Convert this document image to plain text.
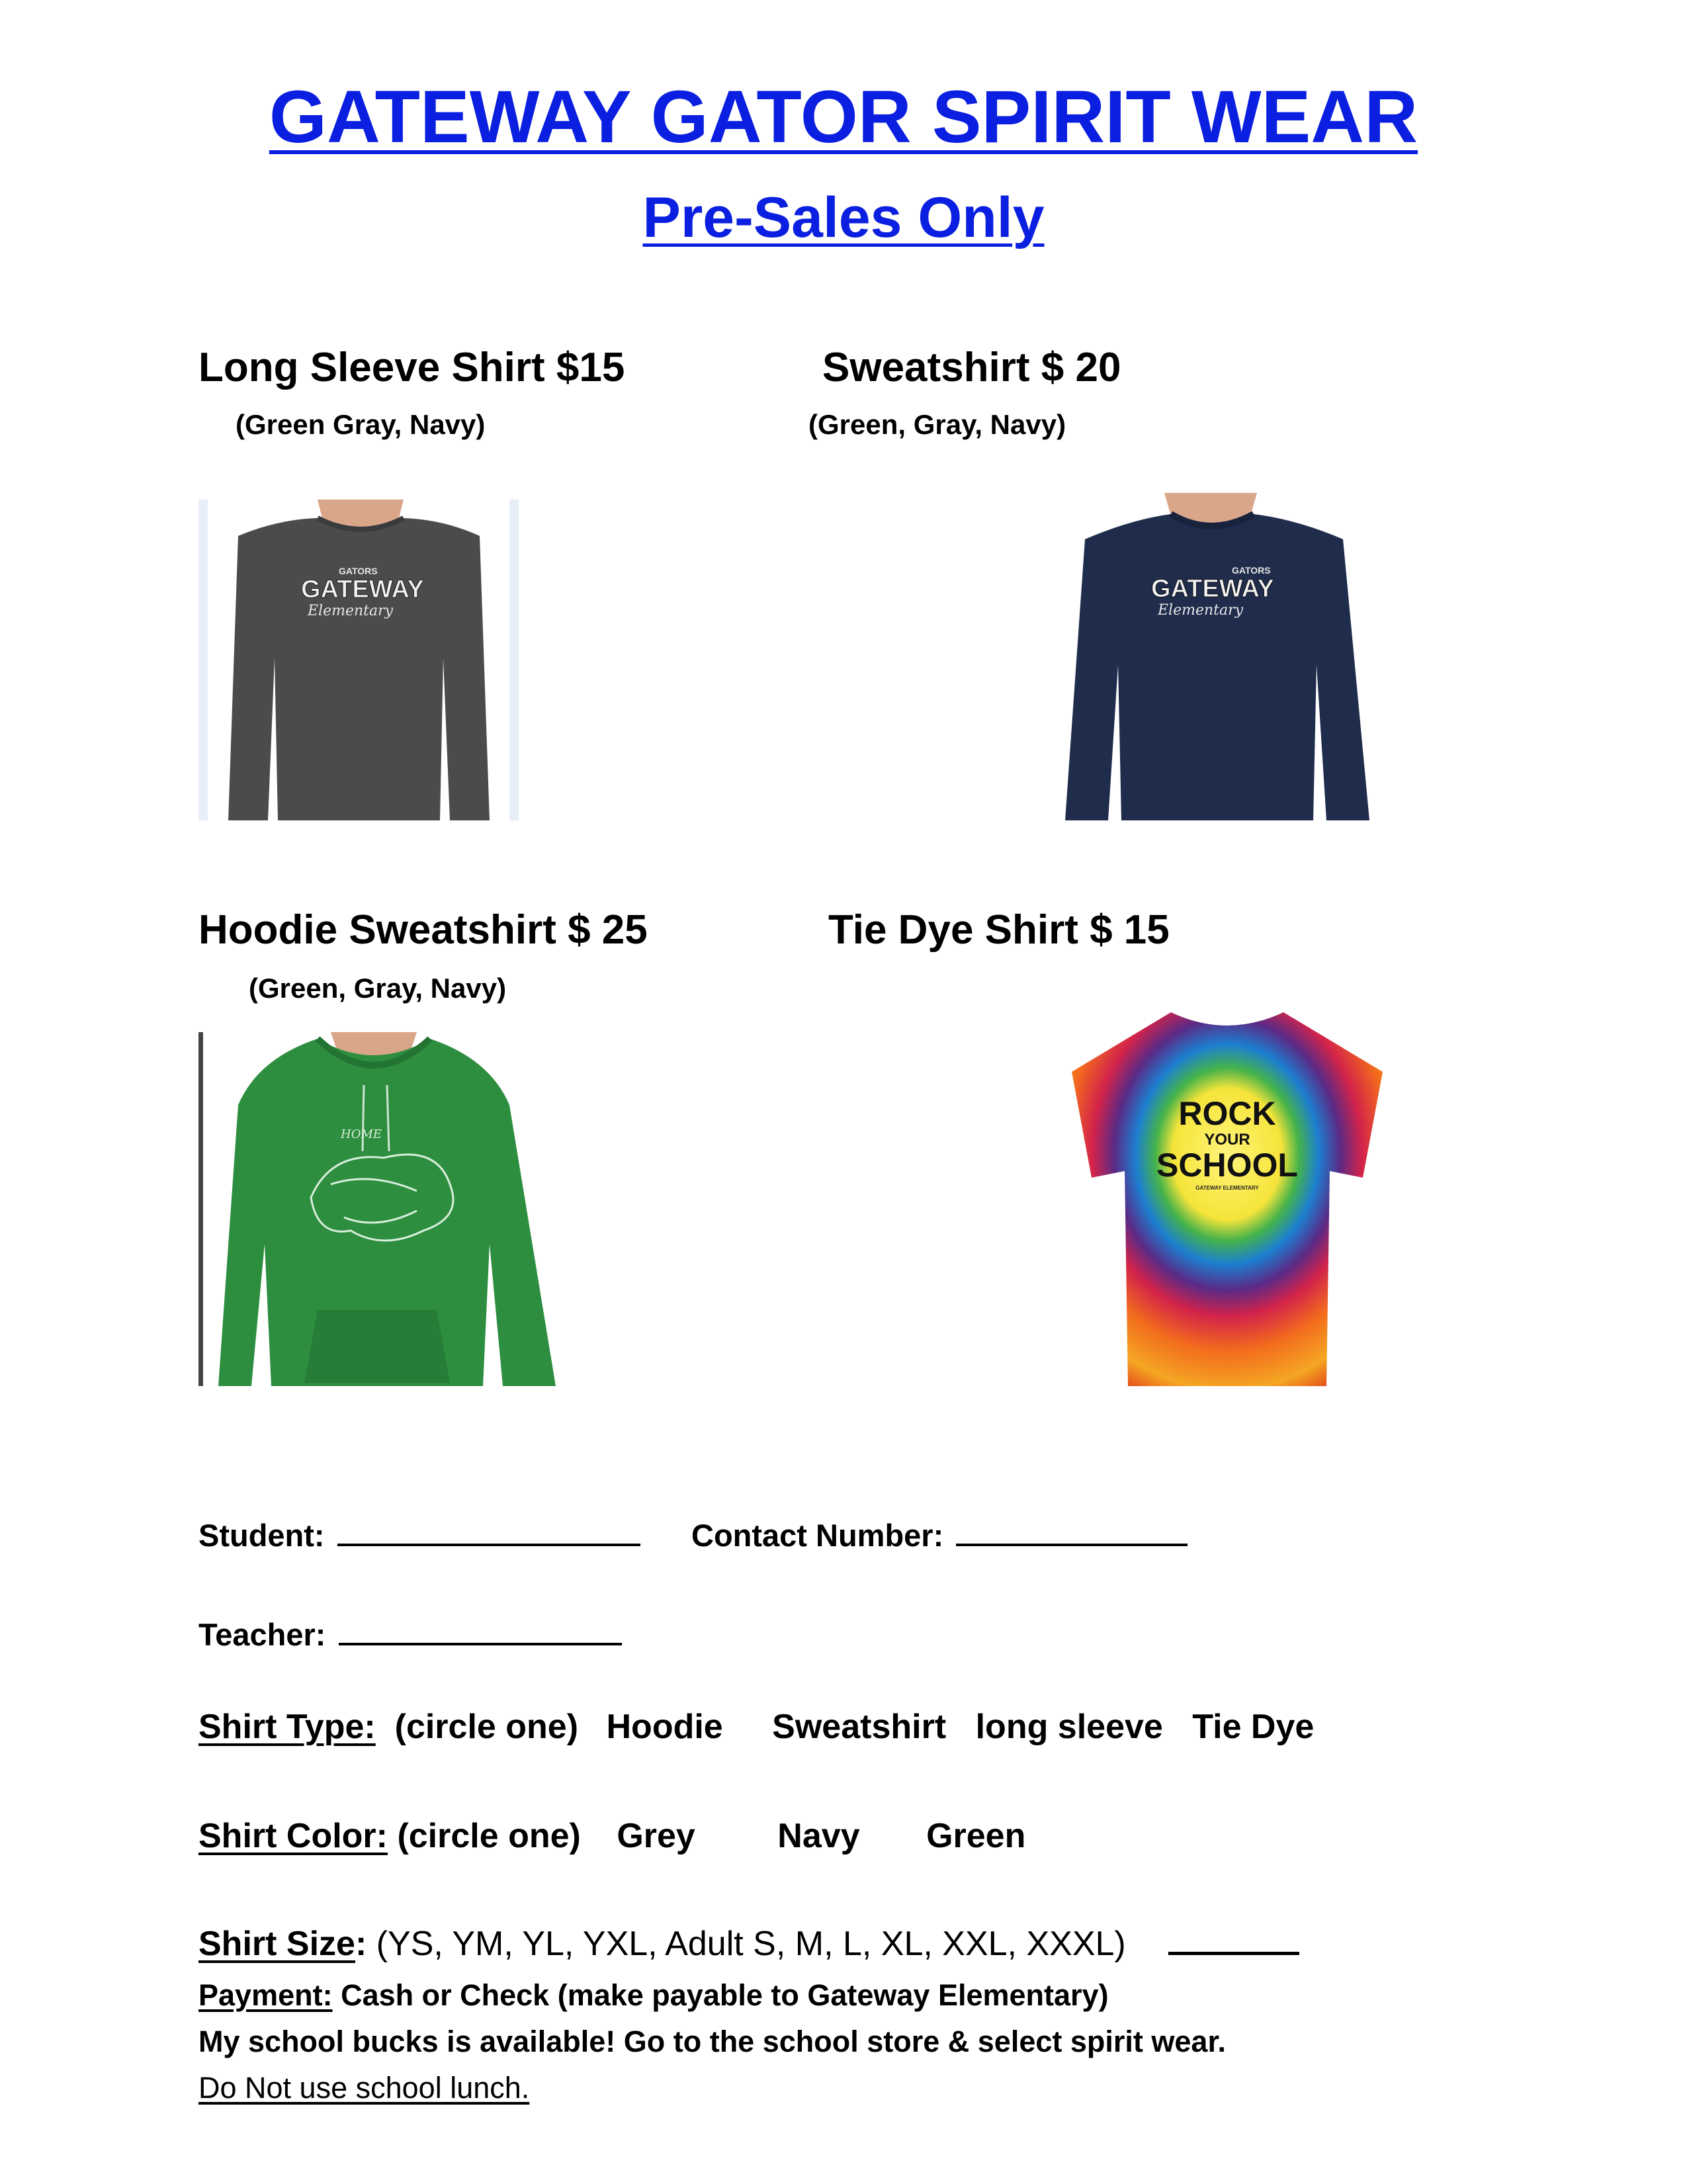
GATEWAY GATOR SPIRIT WEAR
Pre-Sales Only
Long Sleeve Shirt $15
(Green Gray, Navy)
Sweatshirt $ 20
(Green, Gray, Navy)
GATORS
GATEWAY
Elementary
GATORS
GATEWAY
Elementary
Hoodie Sweatshirt $ 25
(Green, Gray, Navy)
Tie Dye Shirt $ 15
HOME
ROCK
YOUR
SCHOOL
GATEWAY ELEMENTARY
Student:	Contact Number:
Teacher:
Shirt Type: (circle one) Hoodie Sweatshirt long sleeve Tie Dye
Shirt Color: (circle one) Grey Navy Green
Shirt Size: (YS, YM, YL, YXL, Adult S, M, L, XL, XXL, XXXL)
Payment: Cash or Check (make payable to Gateway Elementary)
My school bucks is available! Go to the school store & select spirit wear.
Do Not use school lunch.
